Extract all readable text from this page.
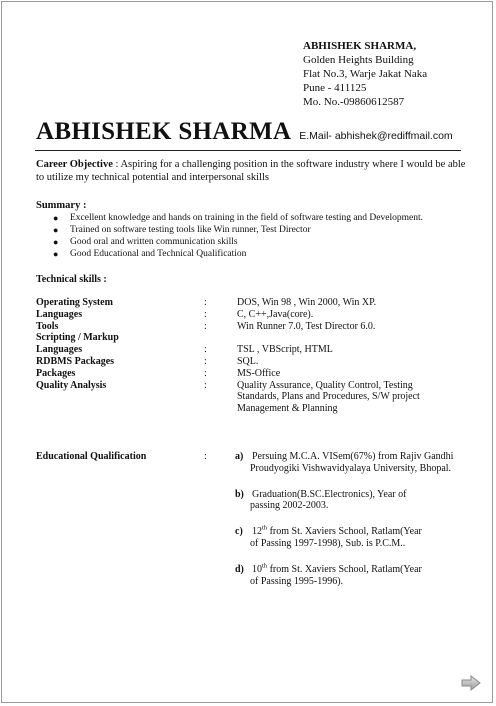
ABHISHEK SHARMA,
Golden Heights Building
Flat No.3, Warje Jakat Naka
Pune - 411125
Mo. No.-09860612587
ABHISHEK SHARMA E.Mail- abhishek@rediffmail.com
Career Objective : Aspiring for a challenging position in the software industry where I would be able to utilize my technical potential and interpersonal skills
Summary :
● Excellent knowledge and hands on training in the field of software testing and Development.
● Trained on software testing tools like Win runner, Test Director
● Good oral and written communication skills
● Good Educational and Technical Qualification
Technical skills :
Operating System	:	DOS, Win 98 , Win 2000, Win XP.
Languages	:	C, C++,Java(core).
Tools	:	Win Runner 7.0, Test Director 6.0.
Scripting / Markup
Languages	:	TSL , VBScript, HTML
RDBMS Packages	:	SQL.
Packages	:	MS-Office
Quality Analysis	:	Quality Assurance, Quality Control, Testing Standards, Plans and Procedures, S/W project Management & Planning
Educational Qualification	:	a) Persuing M.C.A. VISem(67%) from Rajiv Gandhi
Proudyogiki Vishwavidyalaya University, Bhopal.
b) Graduation(B.SC.Electronics), Year of
passing 2002-2003.
c) 12th from St. Xaviers School, Ratlam(Year
of Passing 1997-1998), Sub. is P.C.M..
d) 10th from St. Xaviers School, Ratlam(Year
of Passing 1995-1996).
